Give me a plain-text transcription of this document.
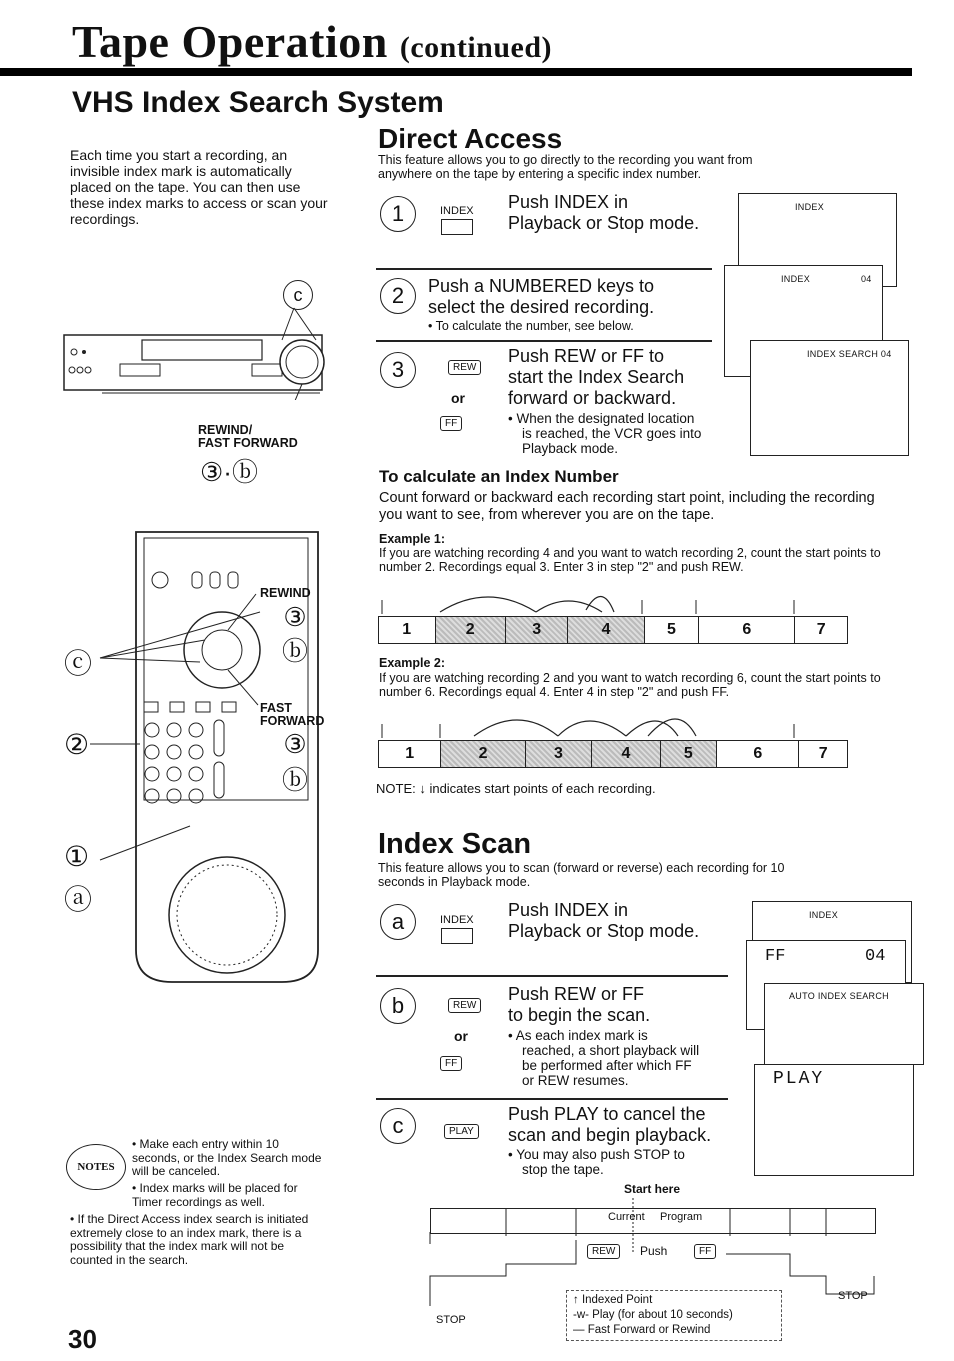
Tape Operation (continued)
VHS Index Search System
Each time you start a recording, an invisible index mark is automatically placed on the tape. You can then use these index marks to access or scan your recordings.
c
REWIND/
FAST FORWARD
③·ⓑ
REWIND
③
ⓑ
FAST
FORWARD
③
ⓑ
ⓒ
②
①
ⓐ
NOTES
• Make each entry within 10 seconds, or the Index Search mode will be canceled.
• Index marks will be placed for Timer recordings as well.
• If the Direct Access index search is initiated extremely close to an index mark, there is a possibility that the index mark will not be counted in the search.
30
Direct Access
This feature allows you to go directly to the recording you want from anywhere on the tape by entering a specific index number.
1	INDEX Push INDEX in
Playback or Stop mode.
2 Push a NUMBERED keys to
select the desired recording.
• To calculate the number, see below.
3	REW
or
FF
Push REW or FF to
start the Index Search
forward or backward.
• When the designated location
is reached, the VCR goes into
Playback mode.
INDEX
INDEX	04
INDEX SEARCH 04
To calculate an Index Number
Count forward or backward each recording start point, including the recording you want to see, from wherever you are on the tape.
Example 1:
If you are watching recording 4 and you want to watch recording 2, count the start points to number 2. Recordings equal 3. Enter 3 in step "2" and push REW.
1	2	3	4	5	6	7
Example 2:
If you are watching recording 2 and you want to watch recording 6, count the start points to number 6. Recordings equal 4. Enter 4 in step "2" and push FF.
1	2	3	4	5	6	7
NOTE: ↓ indicates start points of each recording.
Index Scan
This feature allows you to scan (forward or reverse) each recording for 10 seconds in Playback mode.
a	INDEX Push INDEX in
Playback or Stop mode.
b	REW
or
FF
Push REW or FF
to begin the scan.
• As each index mark is
reached, a short playback will
be performed after which FF
or REW resumes.
c	PLAY
Push PLAY to cancel the
scan and begin playback.
• You may also push STOP to
stop the tape.
INDEX
FF	04
AUTO INDEX SEARCH
PLAY
Start here
Current Program
REW	Push	FF
STOP
STOP
↑ Indexed Point
-w- Play (for about 10 seconds)
— Fast Forward or Rewind
